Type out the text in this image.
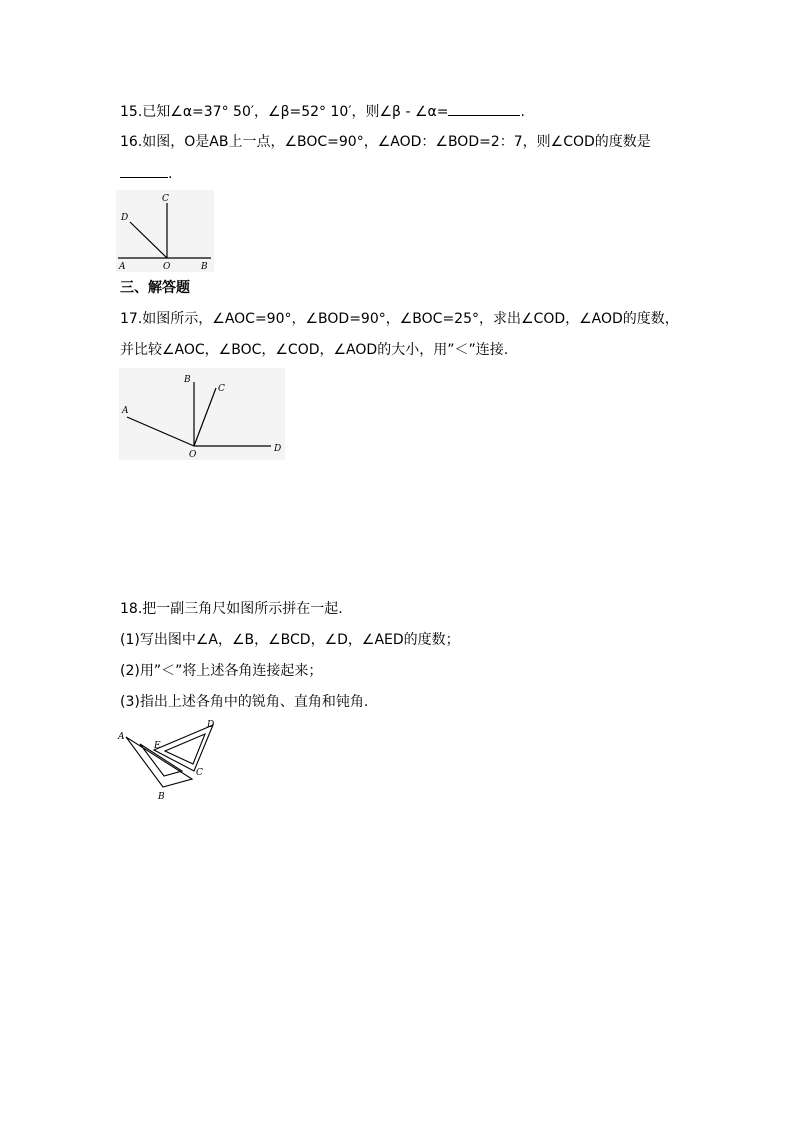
15.已知∠α=37° 50′，∠β=52° 10′，则∠β - ∠α=	.
16.如图，O是AB上一点，∠BOC=90°，∠AOD：∠BOD=2：7，则∠COD的度数是
.
C
D
A	O	B
三、解答题
17.如图所示，∠AOC=90°，∠BOD=90°，∠BOC=25°，求出∠COD，∠AOD的度数，
并比较∠AOC，∠BOC，∠COD，∠AOD的大小，用”＜”连接.
B
C
A
O
D
18.把一副三角尺如图所示拼在一起.
(1)写出图中∠A，∠B，∠BCD，∠D，∠AED的度数；
(2)用”＜”将上述各角连接起来；
(3)指出上述各角中的锐角、直角和钝角.
A
E
D
C
B
